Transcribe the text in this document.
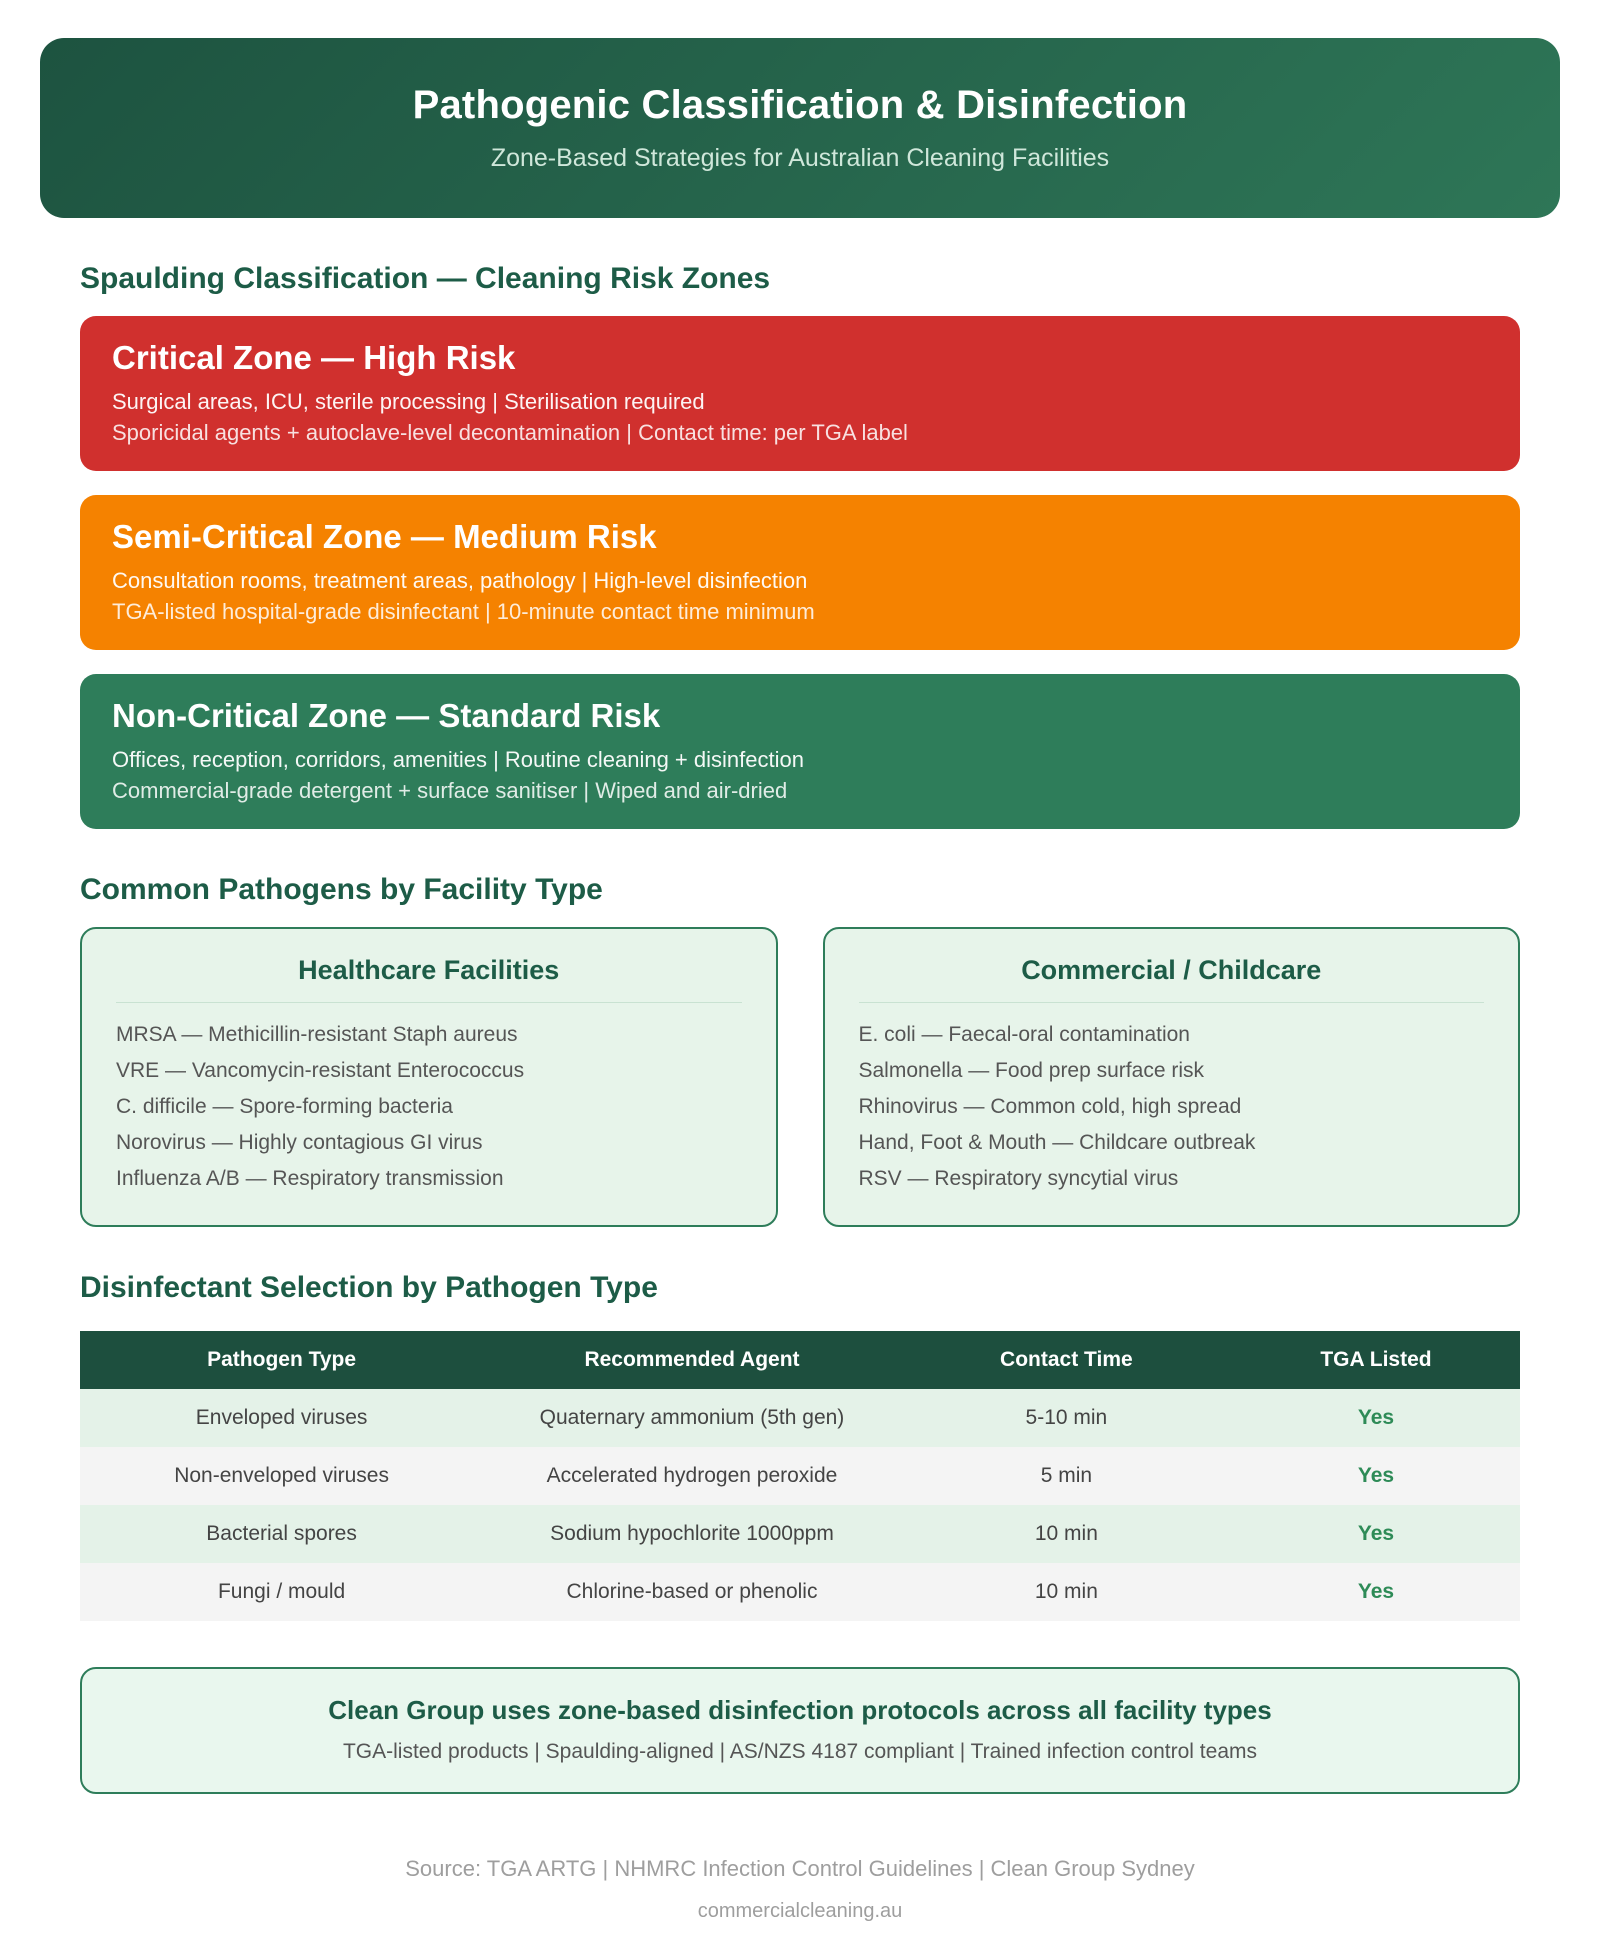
Pathogenic Classification & Disinfection
Zone-Based Strategies for Australian Cleaning Facilities
Spaulding Classification — Cleaning Risk Zones
Critical Zone — High Risk
Surgical areas, ICU, sterile processing | Sterilisation required
Sporicidal agents + autoclave-level decontamination | Contact time: per TGA label
Semi-Critical Zone — Medium Risk
Consultation rooms, treatment areas, pathology | High-level disinfection
TGA-listed hospital-grade disinfectant | 10-minute contact time minimum
Non-Critical Zone — Standard Risk
Offices, reception, corridors, amenities | Routine cleaning + disinfection
Commercial-grade detergent + surface sanitiser | Wiped and air-dried
Common Pathogens by Facility Type
Healthcare Facilities
MRSA — Methicillin-resistant Staph aureus
VRE — Vancomycin-resistant Enterococcus
C. difficile — Spore-forming bacteria
Norovirus — Highly contagious GI virus
Influenza A/B — Respiratory transmission
Commercial / Childcare
E. coli — Faecal-oral contamination
Salmonella — Food prep surface risk
Rhinovirus — Common cold, high spread
Hand, Foot & Mouth — Childcare outbreak
RSV — Respiratory syncytial virus
Disinfectant Selection by Pathogen Type
Pathogen Type	Recommended Agent	Contact Time	TGA Listed
Enveloped viruses	Quaternary ammonium (5th gen)	5-10 min	Yes
Non-enveloped viruses	Accelerated hydrogen peroxide	5 min	Yes
Bacterial spores	Sodium hypochlorite 1000ppm	10 min	Yes
Fungi / mould	Chlorine-based or phenolic	10 min	Yes
Clean Group uses zone-based disinfection protocols across all facility types
TGA-listed products | Spaulding-aligned | AS/NZS 4187 compliant | Trained infection control teams
Source: TGA ARTG | NHMRC Infection Control Guidelines | Clean Group Sydney
commercialcleaning.au
